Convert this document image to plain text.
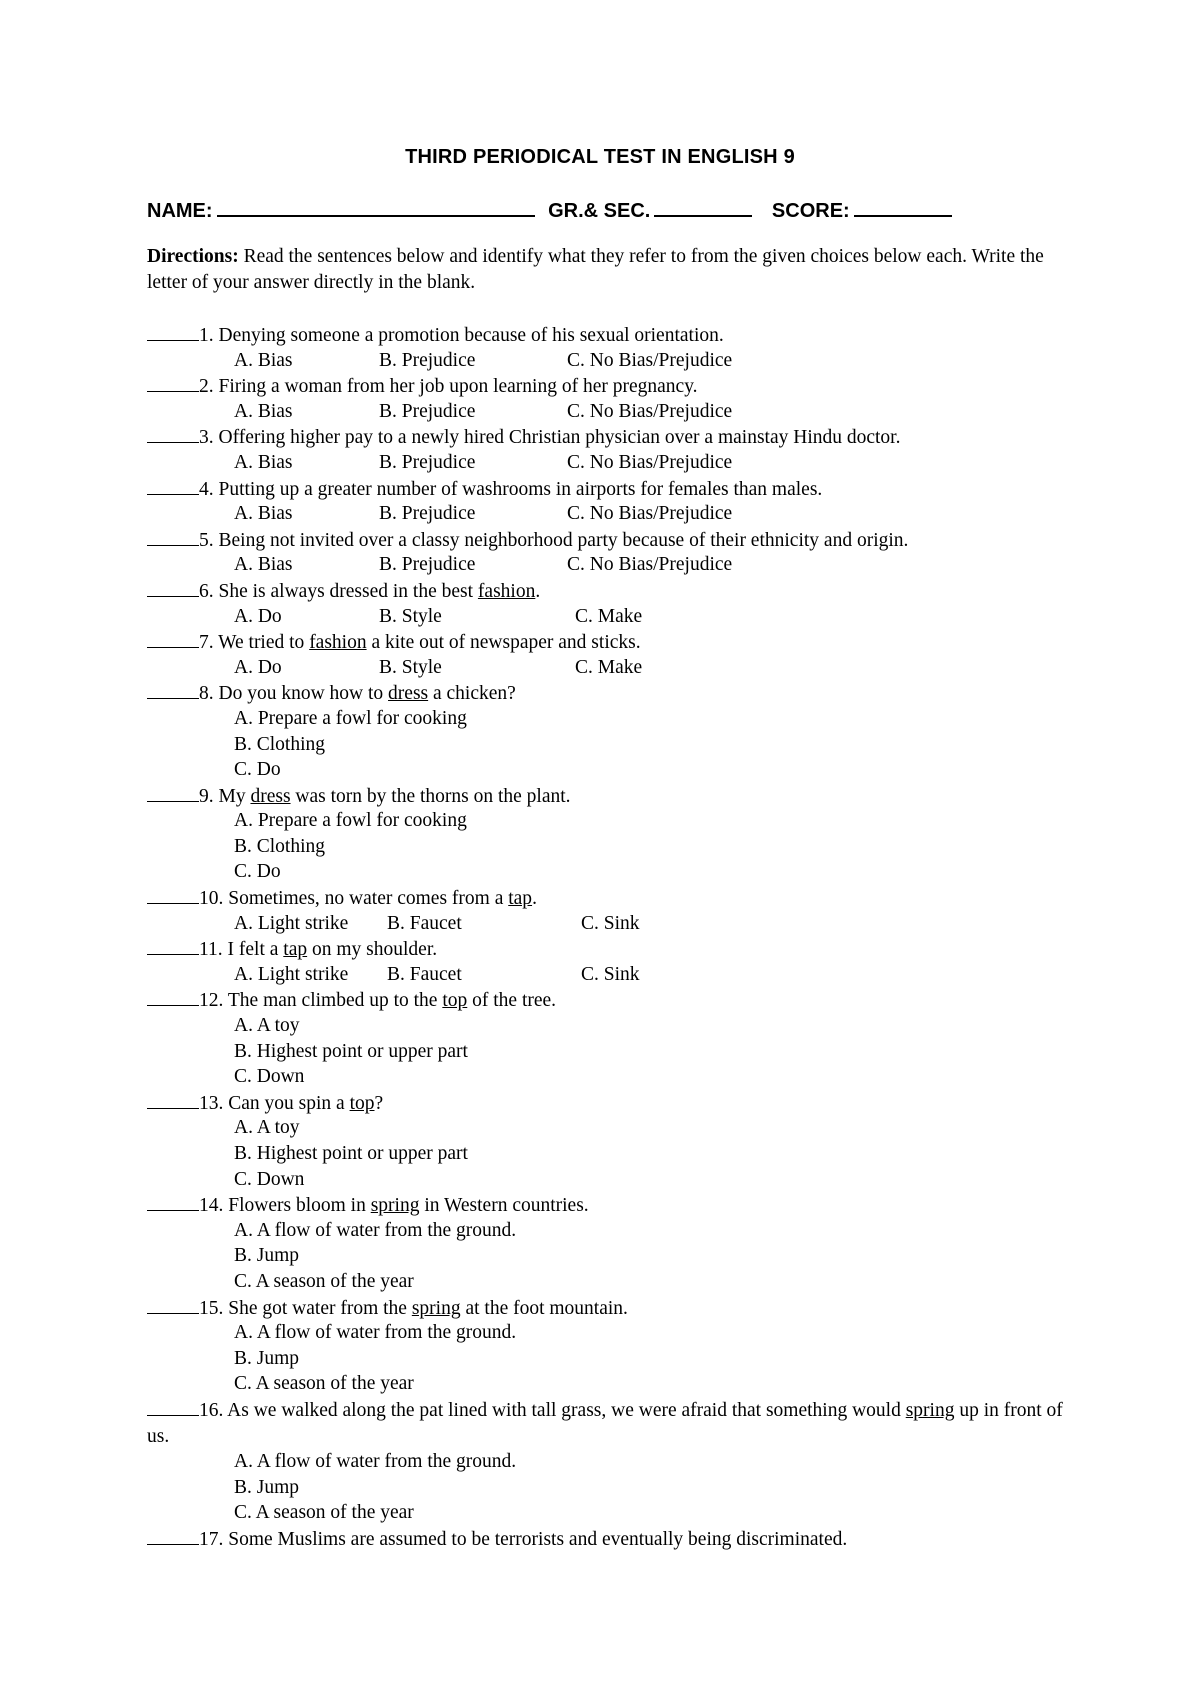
THIRD PERIODICAL TEST IN ENGLISH 9
NAME:	GR.& SEC.	SCORE:
Directions: Read the sentences below and identify what they refer to from the given choices below each. Write the letter of your answer directly in the blank.
1. Denying someone a promotion because of his sexual orientation.
A. Bias	B. Prejudice	C. No Bias/Prejudice
2. Firing a woman from her job upon learning of her pregnancy.
A. Bias	B. Prejudice	C. No Bias/Prejudice
3. Offering higher pay to a newly hired Christian physician over a mainstay Hindu doctor.
A. Bias	B. Prejudice	C. No Bias/Prejudice
4. Putting up a greater number of washrooms in airports for females than males.
A. Bias	B. Prejudice	C. No Bias/Prejudice
5. Being not invited over a classy neighborhood party because of their ethnicity and origin.
A. Bias	B. Prejudice	C. No Bias/Prejudice
6. She is always dressed in the best fashion.
A. Do	B. Style	C. Make
7. We tried to fashion a kite out of newspaper and sticks.
A. Do	B. Style	C. Make
8. Do you know how to dress a chicken?
A. Prepare a fowl for cooking
B. Clothing
C. Do
9. My dress was torn by the thorns on the plant.
A. Prepare a fowl for cooking
B. Clothing
C. Do
10. Sometimes, no water comes from a tap.
A. Light strike B. Faucet	C. Sink
11. I felt a tap on my shoulder.
A. Light strike B. Faucet	C. Sink
12. The man climbed up to the top of the tree.
A. A toy
B. Highest point or upper part
C. Down
13. Can you spin a top?
A. A toy
B. Highest point or upper part
C. Down
14. Flowers bloom in spring in Western countries.
A. A flow of water from the ground.
B. Jump
C. A season of the year
15. She got water from the spring at the foot mountain.
A. A flow of water from the ground.
B. Jump
C. A season of the year
16. As we walked along the pat lined with tall grass, we were afraid that something would spring up in front of us.
A. A flow of water from the ground.
B. Jump
C. A season of the year
17. Some Muslims are assumed to be terrorists and eventually being discriminated.
